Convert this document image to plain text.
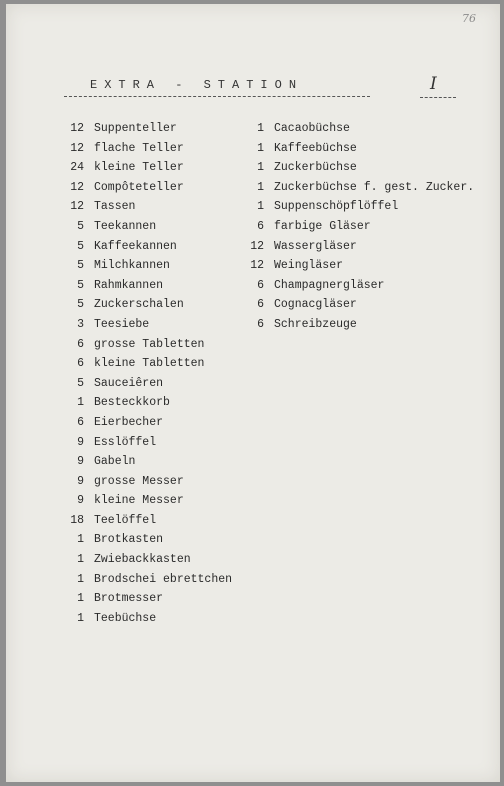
76
EXTRA - STATION	I
12 Suppenteller
12 flache Teller
24 kleine Teller
12 Compôteteller
12 Tassen
5 Teekannen
5 Kaffeekannen
5 Milchkannen
5 Rahmkannen
5 Zuckerschalen
3 Teesiebe
6 grosse Tabletten
6 kleine Tabletten
5 Sauceiêren
1 Besteckkorb
6 Eierbecher
9 Esslöffel
9 Gabeln
9 grosse Messer
9 kleine Messer
18 Teelöffel
1 Brotkasten
1 Zwiebackkasten
1 Brodschei ebrettchen
1 Brotmesser
1 Teebüchse
1 Cacaobüchse
1 Kaffeebüchse
1 Zuckerbüchse
1 Zuckerbüchse f. gest. Zucker.
1 Suppenschöpflöffel
6 farbige Gläser
12 Wassergläser
12 Weingläser
6 Champagnergläser
6 Cognacgläser
6 Schreibzeuge
